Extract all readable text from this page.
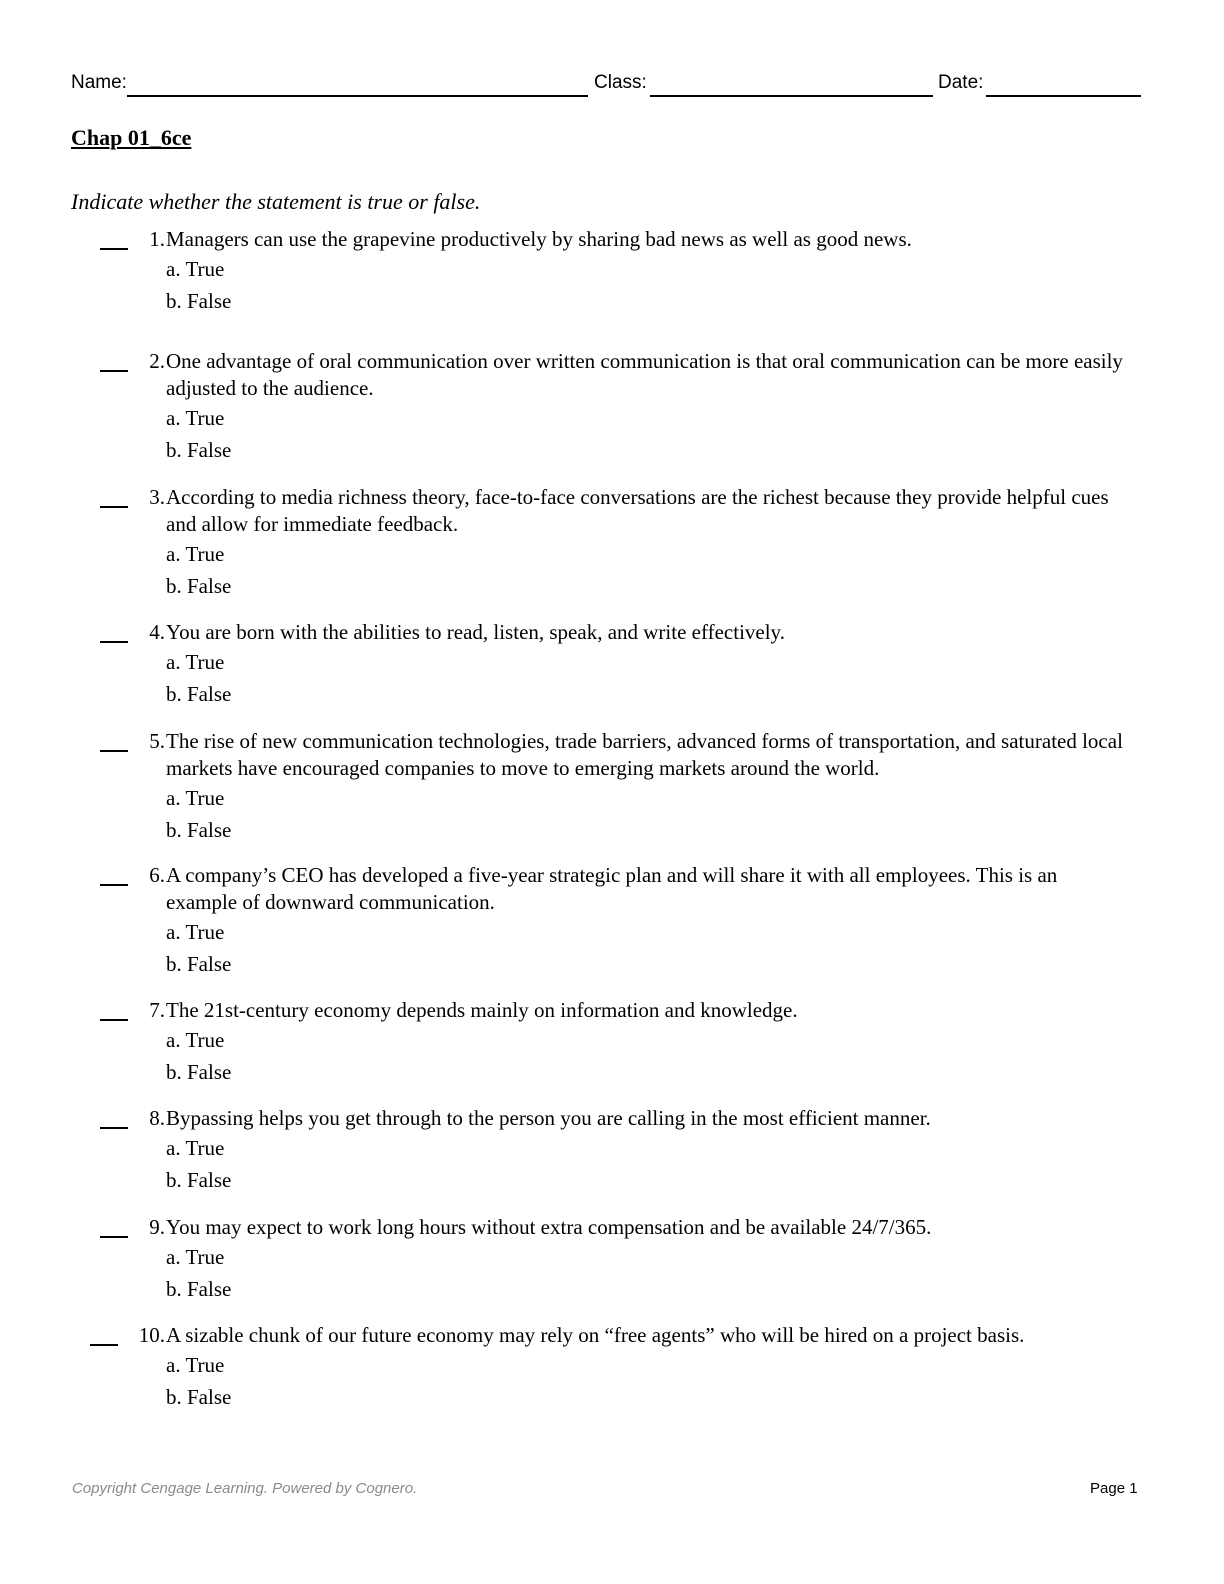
Name:	Class:	Date:
Chap 01_6ce
Indicate whether the statement is true or false.
1. Managers can use the grapevine productively by sharing bad news as well as good news.
a. True
b. False
2. One advantage of oral communication over written communication is that oral communication can be more easily adjusted to the audience.
a. True
b. False
3. According to media richness theory, face-to-face conversations are the richest because they provide helpful cues and allow for immediate feedback.
a. True
b. False
4. You are born with the abilities to read, listen, speak, and write effectively.
a. True
b. False
5. The rise of new communication technologies, trade barriers, advanced forms of transportation, and saturated local markets have encouraged companies to move to emerging markets around the world.
a. True
b. False
6. A company’s CEO has developed a five-year strategic plan and will share it with all employees. This is an example of downward communication.
a. True
b. False
7. The 21st-century economy depends mainly on information and knowledge.
a. True
b. False
8. Bypassing helps you get through to the person you are calling in the most efficient manner.
a. True
b. False
9. You may expect to work long hours without extra compensation and be available 24/7/365.
a. True
b. False
10. A sizable chunk of our future economy may rely on “free agents” who will be hired on a project basis.
a. True
b. False
Copyright Cengage Learning. Powered by Cognero.	Page 1
